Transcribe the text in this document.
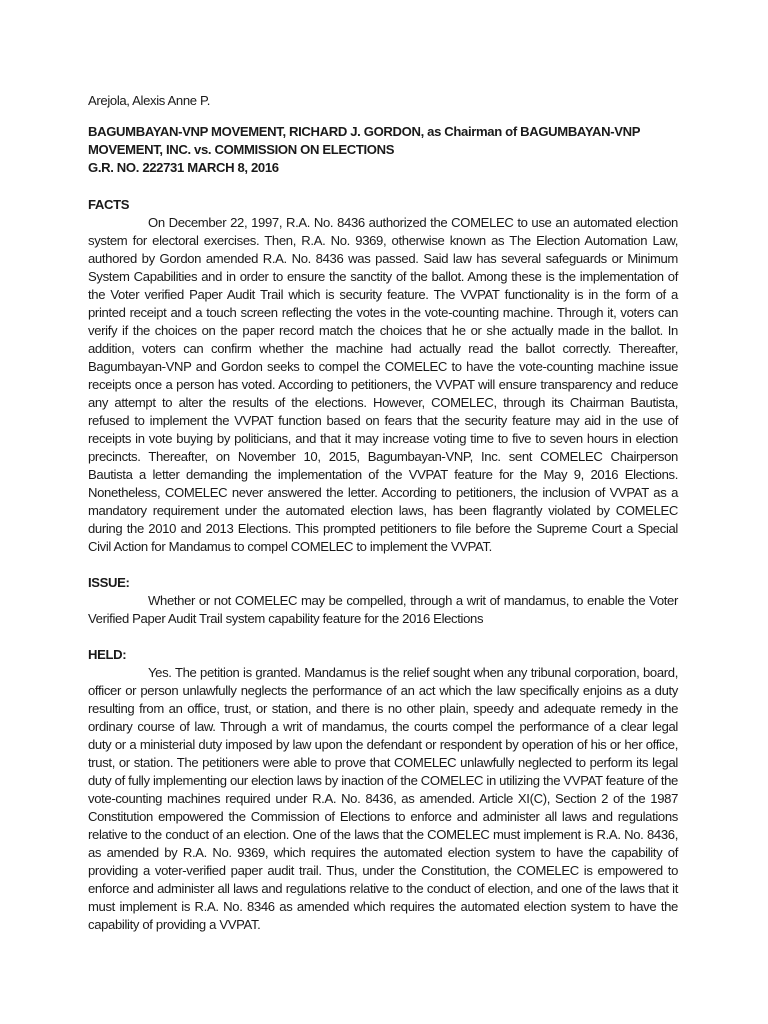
Arejola, Alexis Anne P.

BAGUMBAYAN-VNP MOVEMENT, RICHARD J. GORDON, as Chairman of BAGUMBAYAN-VNP
MOVEMENT, INC. vs. COMMISSION ON ELECTIONS
G.R. NO. 222731 MARCH 8, 2016

FACTS

On December 22, 1997, R.A. No. 8436 authorized the COMELEC to use an automated election system for electoral exercises. Then, R.A. No. 9369, otherwise known as The Election Automation Law, authored by Gordon amended R.A. No. 8436 was passed. Said law has several safeguards or Minimum System Capabilities and in order to ensure the sanctity of the ballot. Among these is the implementation of the Voter verified Paper Audit Trail which is security feature. The VVPAT functionality is in the form of a printed receipt and a touch screen reflecting the votes in the vote-counting machine. Through it, voters can verify if the choices on the paper record match the choices that he or she actually made in the ballot. In addition, voters can confirm whether the machine had actually read the ballot correctly. Thereafter, Bagumbayan-VNP and Gordon seeks to compel the COMELEC to have the vote-counting machine issue receipts once a person has voted. According to petitioners, the VVPAT will ensure transparency and reduce any attempt to alter the results of the elections. However, COMELEC, through its Chairman Bautista, refused to implement the VVPAT function based on fears that the security feature may aid in the use of receipts in vote buying by politicians, and that it may increase voting time to five to seven hours in election precincts. Thereafter, on November 10, 2015, Bagumbayan-VNP, Inc. sent COMELEC Chairperson Bautista a letter demanding the implementation of the VVPAT feature for the May 9, 2016 Elections. Nonetheless, COMELEC never answered the letter. According to petitioners, the inclusion of VVPAT as a mandatory requirement under the automated election laws, has been flagrantly violated by COMELEC during the 2010 and 2013 Elections. This prompted petitioners to file before the Supreme Court a Special Civil Action for Mandamus to compel COMELEC to implement the VVPAT.

ISSUE:

Whether or not COMELEC may be compelled, through a writ of mandamus, to enable the Voter Verified Paper Audit Trail system capability feature for the 2016 Elections

HELD:

Yes. The petition is granted. Mandamus is the relief sought when any tribunal corporation, board, officer or person unlawfully neglects the performance of an act which the law specifically enjoins as a duty resulting from an office, trust, or station, and there is no other plain, speedy and adequate remedy in the ordinary course of law. Through a writ of mandamus, the courts compel the performance of a clear legal duty or a ministerial duty imposed by law upon the defendant or respondent by operation of his or her office, trust, or station. The petitioners were able to prove that COMELEC unlawfully neglected to perform its legal duty of fully implementing our election laws by inaction of the COMELEC in utilizing the VVPAT feature of the vote-counting machines required under R.A. No. 8436, as amended. Article XI(C), Section 2 of the 1987 Constitution empowered the Commission of Elections to enforce and administer all laws and regulations relative to the conduct of an election. One of the laws that the COMELEC must implement is R.A. No. 8436, as amended by R.A. No. 9369, which requires the automated election system to have the capability of providing a voter-verified paper audit trail. Thus, under the Constitution, the COMELEC is empowered to enforce and administer all laws and regulations relative to the conduct of election, and one of the laws that it must implement is R.A. No. 8346 as amended which requires the automated election system to have the capability of providing a VVPAT.
